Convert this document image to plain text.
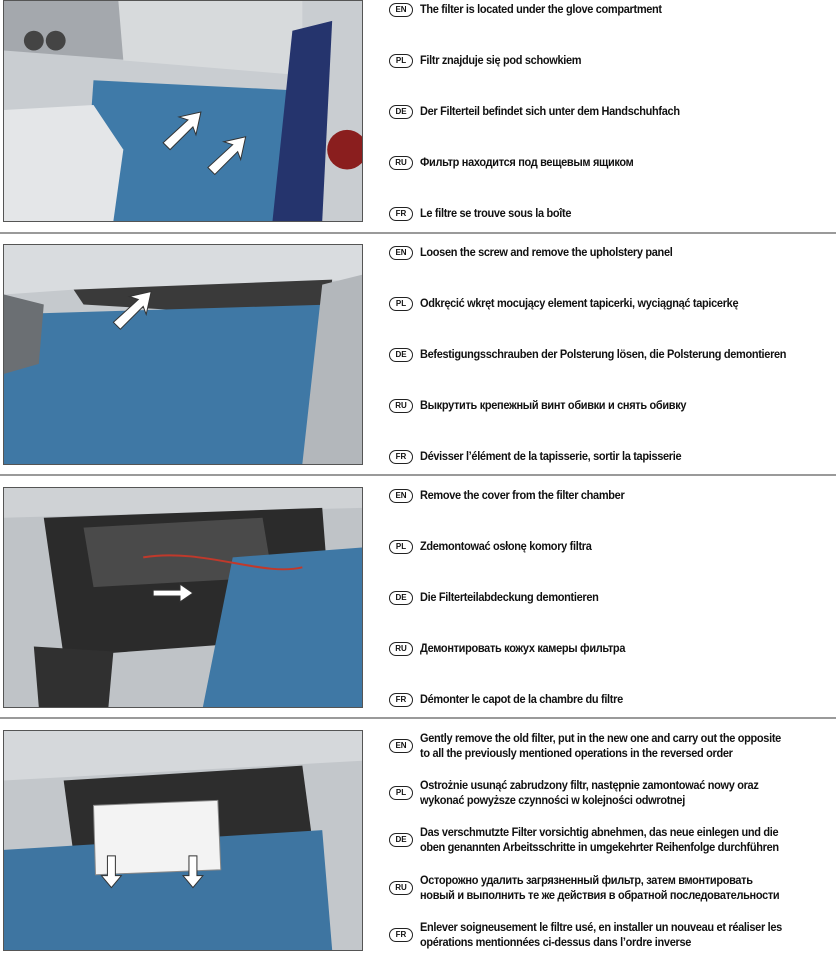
EN	The filter is located under the glove compartment
PL	Filtr znajduje się pod schowkiem
DE	Der Filterteil befindet sich unter dem Handschuhfach
RU	Фильтр находится под вещевым ящиком
FR	Le filtre se trouve sous la boîte
EN	Loosen the screw and remove the upholstery panel
PL	Odkręcić wkręt mocujący element tapicerki, wyciągnąć tapicerkę
DE	Befestigungsschrauben der Polsterung lösen, die Polsterung demontieren
RU	Выкрутить крепежный винт обивки и снять обивку
FR	Dévisser l’élément de la tapisserie, sortir la tapisserie
EN	Remove the cover from the filter chamber
PL	Zdemontować osłonę komory filtra
DE	Die Filterteilabdeckung demontieren
RU	Демонтировать кожух камеры фильтра
FR	Démonter le capot de la chambre du filtre
EN
Gently remove the old filter, put in the new one and carry out the opposite to all the previously mentioned operations in the reversed order
PL
Ostrożnie usunąć zabrudzony filtr, następnie zamontować nowy oraz wykonać powyższe czynności w kolejności odwrotnej
DE
Das verschmutzte Filter vorsichtig abnehmen, das neue einlegen und die oben genannten Arbeitsschritte in umgekehrter Reihenfolge durchführen
RU
Осторожно удалить загрязненный фильтр, затем вмонтировать новый и выполнить те же действия в обратной последовательности
FR
Enlever soigneusement le filtre usé, en installer un nouveau et réaliser les opérations mentionnées ci-dessus dans l’ordre inverse
